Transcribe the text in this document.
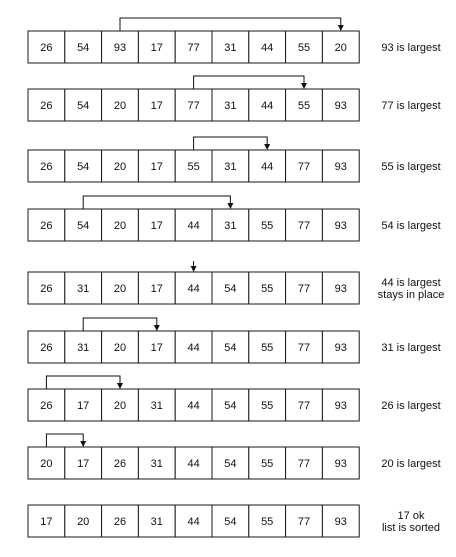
26 54 93 17 77 31 44 55 20	93 is largest
26 54 20 17 77 31 44 55 93	77 is largest
26 54 20 17 55 31 44 77 93	55 is largest
26 54 20 17 44 31 55 77 93	54 is largest
26 31 20 17 44 54 55 77 93	44 is largest
stays in place
26 31 20 17 44 54 55 77 93	31 is largest
26 17 20 31 44 54 55 77 93	26 is largest
20 17 26 31 44 54 55 77 93	20 is largest
17 20 26 31 44 54 55 77 93	17 ok
list is sorted
